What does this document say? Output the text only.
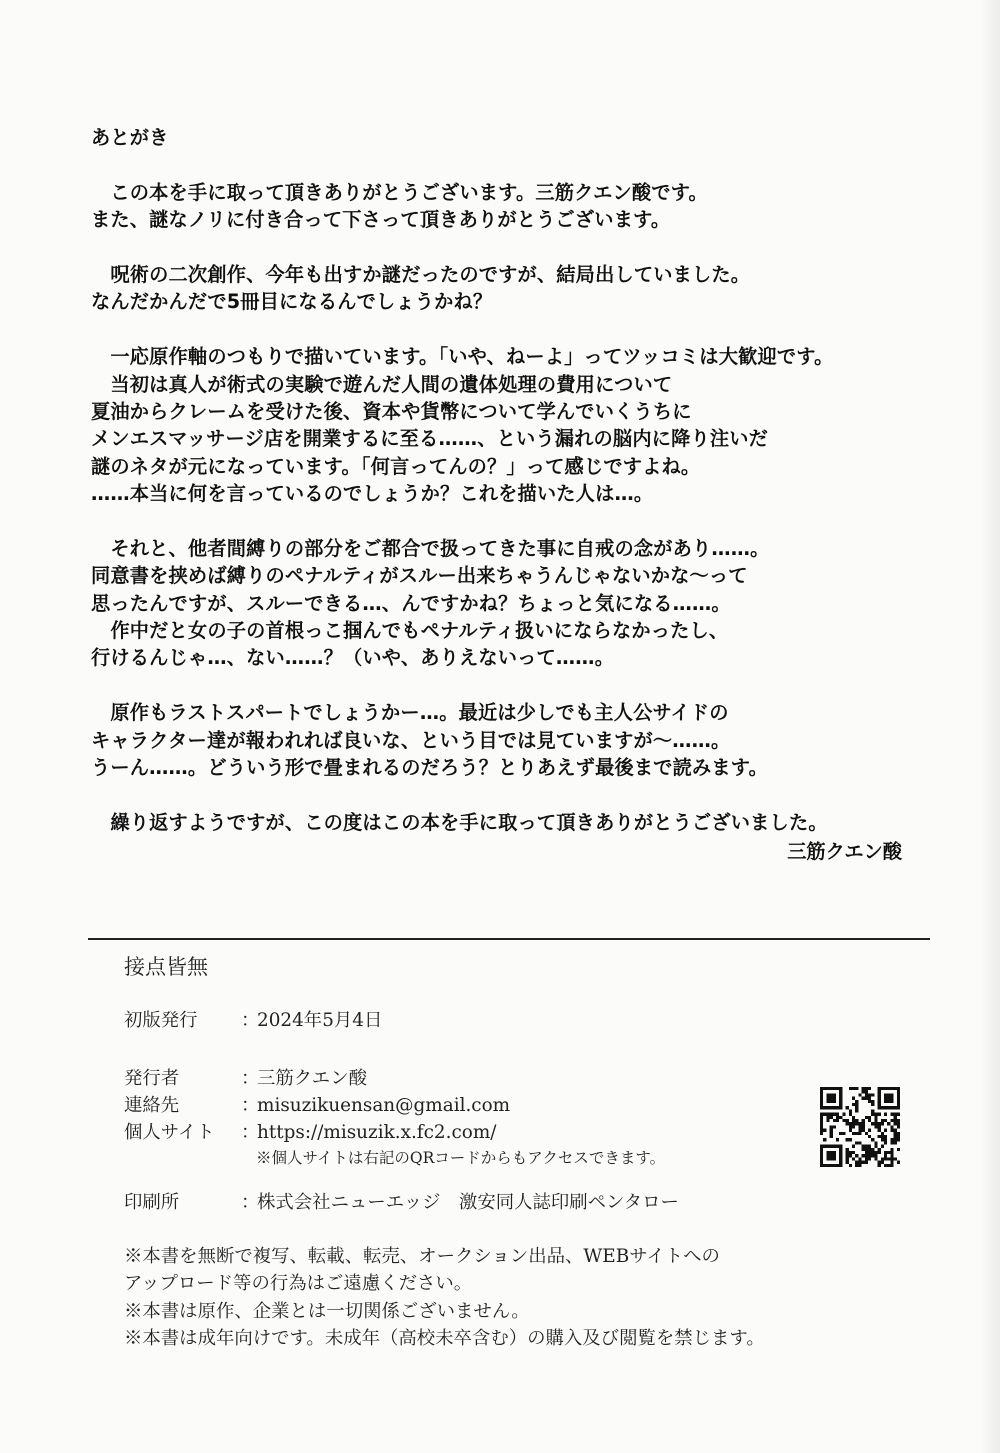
あとがき
　この本を手に取って頂きありがとうございます。三筋クエン酸です。
また、謎なノリに付き合って下さって頂きありがとうございます。
　呪術の二次創作、今年も出すか謎だったのですが、結局出していました。
なんだかんだで5冊目になるんでしょうかね？
　一応原作軸のつもりで描いています。「いや、ねーよ」ってツッコミは大歓迎です。
　当初は真人が術式の実験で遊んだ人間の遺体処理の費用について
夏油からクレームを受けた後、資本や貨幣について学んでいくうちに
メンエスマッサージ店を開業するに至る……、という漏れの脳内に降り注いだ
謎のネタが元になっています。「何言ってんの？」って感じですよね。
……本当に何を言っているのでしょうか？これを描いた人は…。
　それと、他者間縛りの部分をご都合で扱ってきた事に自戒の念があり……。
同意書を挟めば縛りのペナルティがスルー出来ちゃうんじゃないかな〜って
思ったんですが、スルーできる…、んですかね？ちょっと気になる……。
　作中だと女の子の首根っこ掴んでもペナルティ扱いにならなかったし、
行けるんじゃ…、ない……？（いや、ありえないって……。
　原作もラストスパートでしょうかー…。最近は少しでも主人公サイドの
キャラクター達が報われれば良いな、という目では見ていますが〜……。
うーん……。どういう形で畳まれるのだろう？とりあえず最後まで読みます。
　繰り返すようですが、この度はこの本を手に取って頂きありがとうございました。
三筋クエン酸
接点皆無
初版発行	：
2024年5月4日
発行者	：
三筋クエン酸
連絡先	：
misuzikuensan@gmail.com
個人サイト	：
https://misuzik.x.fc2.com/
※個人サイトは右記のQRコードからもアクセスできます。
印刷所	：
株式会社ニューエッジ　激安同人誌印刷ペンタロー
※本書を無断で複写、転載、転売、オークション出品、WEBサイトへの
アップロード等の行為はご遠慮ください。
※本書は原作、企業とは一切関係ございません。
※本書は成年向けです。未成年（高校未卒含む）の購入及び閲覧を禁じます。
